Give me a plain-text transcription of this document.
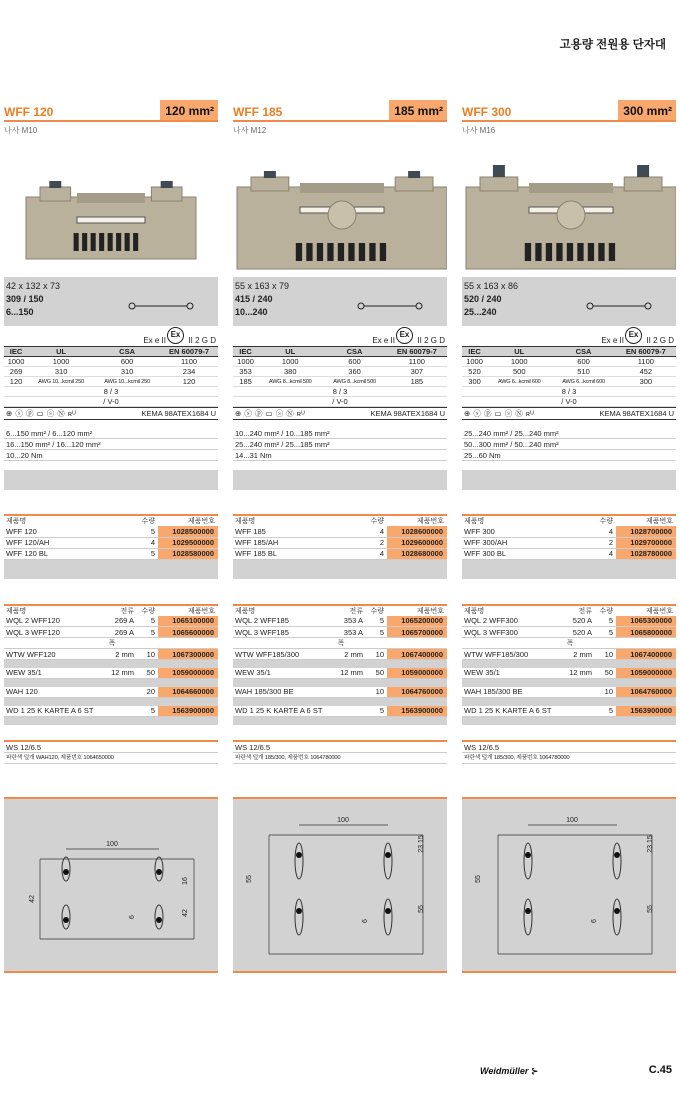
고용량 전원용 단자대
WFF 120	120 mm²
나사 M10
42 x 132 x 73
309 / 150
6...150
Ex e II
Ex
II 2 G D
IEC	UL	CSA	EN 60079-7
1000	1000	600	1100
269	310	310	234
120	AWG 10...kcmil 250	AWG 10...kcmil 250	120
8 / 3			
/ V-0			
⊕ ⓢ ⓟ ▭ ⓢ Ⓝ ʀᵁ	KEMA 98ATEX1684 U
6...150 mm² / 6...120 mm²
16...150 mm² / 16...120 mm²
10...20 Nm
제품명	수량	제품번호
WFF 120	5	1028500000
WFF 120/AH	4	1029500000
WFF 120 BL	5	1028580000
제품명	전류	수량	제품번호
WQL 2 WFF120	269 A	5	1065100000
WQL 3 WFF120	269 A	5	1065600000
폭			
WTW WFF120	2 mm	10	1067300000

WEW 35/1	12 mm	50	1059000000

WAH 120		20	1064660000

WD 1 25 K KARTE A 6 ST		5	1563900000

WS 12/6.5
파란색 덮개 WAH120, 제품번호 1064650000
100
42
16
42
6
WFF 185	185 mm²
나사 M12
55 x 163 x 79
415 / 240
10...240
Ex e II
Ex
II 2 G D
IEC	UL	CSA	EN 60079-7
1000	1000	600	1100
353	380	360	307
185	AWG 8...kcmil 500	AWG 8...kcmil 500	185
8 / 3			
/ V-0			
⊕ ⓢ ⓟ ▭ ⓢ Ⓝ ʀᵁ	KEMA 98ATEX1684 U
10...240 mm² / 10...185 mm²
25...240 mm² / 25...185 mm²
14...31 Nm
제품명	수량	제품번호
WFF 185	4	1028600000
WFF 185/AH	2	1029600000
WFF 185 BL	4	1028680000
제품명	전류	수량	제품번호
WQL 2 WFF185	353 A	5	1065200000
WQL 3 WFF185	353 A	5	1065700000
폭			
WTW WFF185/300	2 mm	10	1067400000

WEW 35/1	12 mm	50	1059000000

WAH 185/300 BE		10	1064760000

WD 1 25 K KARTE A 6 ST		5	1563900000

WS 12/6.5
파란색 덮개 185/300, 제품번호 1064780000
100
55
23.15
55
6
WFF 300	300 mm²
나사 M16
55 x 163 x 86
520 / 240
25...240
Ex e II
Ex
II 2 G D
IEC	UL	CSA	EN 60079-7
1000	1000	600	1100
520	500	510	452
300	AWG 6...kcmil 600	AWG 6...kcmil 600	300
8 / 3			
/ V-0			
⊕ ⓢ ⓟ ▭ ⓢ Ⓝ ʀᵁ	KEMA 98ATEX1684 U
25...240 mm² / 25...240 mm²
50...300 mm² / 50...240 mm²
25...60 Nm
제품명	수량	제품번호
WFF 300	4	1028700000
WFF 300/AH	2	1029700000
WFF 300 BL	4	1028780000
제품명	전류	수량	제품번호
WQL 2 WFF300	520 A	5	1065300000
WQL 3 WFF300	520 A	5	1065800000
폭			
WTW WFF185/300	2 mm	10	1067400000

WEW 35/1	12 mm	50	1059000000

WAH 185/300 BE		10	1064760000

WD 1 25 K KARTE A 6 ST		5	1563900000

WS 12/6.5
파란색 덮개 185/300, 제품번호 1064780000
100
55
23.15
55
6
Weidmüller ⊱	C.45
